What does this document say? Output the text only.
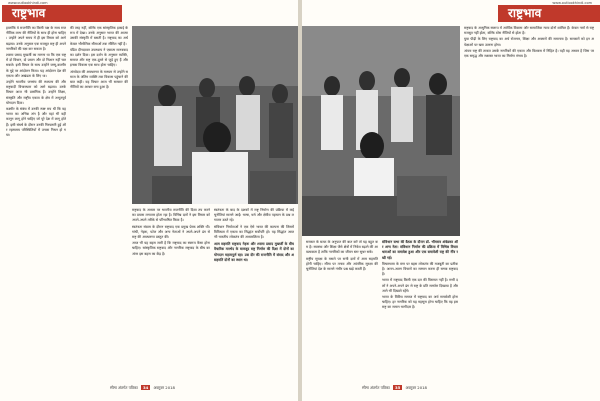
www.outlookhindi.com
राष्ट्रभाव

हालांकि वे राजनीति का किसी पक्ष के साथ राजनीतिक लाभ की नीतियों के साथ ही होना चाहिए। उन्होंने अपने समय में ही इस विचार को आगे बढ़ाया। उनके अनुसार एक मजबूत राष्ट्र ही अपने नागरिकों की रक्षा कर सकता है।

श्यामा प्रसाद मुखर्जी का मानना था कि एक राष्ट्र में दो विधान, दो प्रधान और दो निशान नहीं चल सकते। इसी विचार के साथ उन्होंने जम्मू-कश्मीर के मुद्दे पर आंदोलन किया। यह आंदोलन देश की एकता और अखंडता के लिए था।

उन्होंने भारतीय जनसंघ की स्थापना की और राष्ट्रवादी विचारधारा को आगे बढ़ाया। उनके विचार आज भी प्रासंगिक हैं। उन्होंने शिक्षा, संस्कृति और राष्ट्रीय एकता के क्षेत्र में अभूतपूर्व योगदान दिया।

कश्मीर के संबंध में उनकी स्पष्ट राय थी कि वह भारत का अभिन्न अंग है और वहां भी वही कानून लागू होने चाहिए जो पूरे देश में लागू होते हैं। इसी संघर्ष के दौरान उनकी गिरफ्तारी हुई और रहस्यमय परिस्थितियों में उनका निधन हो गया।

की तरह नहीं, बल्कि एक सांस्कृतिक इकाई के रूप में देखा। उनके अनुसार भारत की आत्मा उसकी संस्कृति में बसती है। राष्ट्रवाद का अर्थ केवल भौगोलिक सीमाओं तक सीमित नहीं है।

पंडित दीनदयाल उपाध्याय ने एकात्म मानववाद का दर्शन दिया। इस दर्शन के अनुसार व्यक्ति, समाज और राष्ट्र एक-दूसरे से जुड़े हुए हैं और इनका विकास एक साथ होना चाहिए।

अंत्योदय की अवधारणा के माध्यम से उन्होंने समाज के अंतिम व्यक्ति तक विकास पहुंचाने की बात कही। यह विचार आज भी सरकार की नीतियों का आधार बना हुआ है।

राष्ट्रवाद के आधार पर भारतीय राजनीति की दिशा तय करने का प्रयास लगातार होता रहा है। विभिन्न दलों ने इस विचार को अपने-अपने तरीके से परिभाषित किया है।

स्वतंत्रता संग्राम के दौरान राष्ट्रवाद एक प्रमुख प्रेरक शक्ति थी। गांधी, नेहरू, पटेल और अन्य नेताओं ने अपने-अपने ढंग से राष्ट्र की अवधारणा प्रस्तुत की।

आज भी यह बहस जारी है कि राष्ट्रवाद का स्वरूप कैसा होना चाहिए। सांस्कृतिक राष्ट्रवाद और नागरिक राष्ट्रवाद के बीच का अंतर इस बहस का केंद्र है।

स्वतंत्रता के बाद के दशकों में राष्ट्र निर्माण की प्रक्रिया में कई चुनौतियां सामने आईं। भाषा, धर्म और क्षेत्रीय पहचान के प्रश्न लगातार उठते रहे।

संविधान निर्माताओं ने एक ऐसे भारत की कल्पना की जिसमें विविधता में एकता का सिद्धांत सर्वोपरि हो। यह सिद्धांत आज भी भारतीय लोकतंत्र की आधारशिला है।

आम सहमति राष्ट्रवाद नेहरू और श्यामा प्रसाद मुखर्जी के बीच वैचारिक मतभेद के बावजूद राष्ट्र निर्माण की दिशा में दोनों का योगदान महत्वपूर्ण रहा। उस दौर की राजनीति में संवाद और असहमति दोनों का स्थान था।

सीमा अंतर्गत पत्रिका 34 अक्टूबर 2018
www.outlookhindi.com
राष्ट्रभाव

राष्ट्रवाद के आधुनिक स्वरूप में आर्थिक विकास और सामाजिक न्याय दोनों शामिल हैं। केवल नारों से राष्ट्र मजबूत नहीं होता, बल्कि ठोस नीतियों से होता है।

युवा पीढ़ी के लिए राष्ट्रवाद का अर्थ रोजगार, शिक्षा और अवसरों की समानता है। सरकारों को इन अपेक्षाओं पर खरा उतरना होगा।

अंततः राष्ट्र की ताकत उसके नागरिकों की एकता और विश्वास में निहित है। यही वह आधार है जिस पर एक समृद्ध और सशक्त भारत का निर्माण संभव है।

सरकार के बजट के अनुपात की बात करें तो यह बहुत कम है। स्वास्थ्य और शिक्षा जैसे क्षेत्रों में निवेश बढ़ाने की आवश्यकता है ताकि नागरिकों का जीवन स्तर सुधर सके।

राष्ट्रीय सुरक्षा के मसले पर सभी दलों में आम सहमति होनी चाहिए। सीमा पर तनाव और आंतरिक सुरक्षा की चुनौतियां देश के सामने गंभीर प्रश्न खड़े करती हैं।

संविधान सभा की बैठक के दौरान डॉ. भीमराव अंबेडकर और अन्य नेता। संविधान निर्माण की प्रक्रिया में विभिन्न विचारधाराओं का समावेश हुआ और एक समावेशी राष्ट्र की नींव रखी गई।

विचारधारा के स्तर पर बहस लोकतंत्र की मजबूती का प्रतीक है। अलग-अलग विचारों का सम्मान करना ही सच्चा राष्ट्रवाद है।

भारत में राष्ट्रवाद किसी एक दल की विरासत नहीं है। सभी दलों ने अपने-अपने ढंग से राष्ट्र के प्रति समर्पण दिखाया है और आगे भी दिखाते रहेंगे।

भारत के विविध समाज में राष्ट्रवाद का अर्थ समावेशी होना चाहिए। हर नागरिक को यह महसूस होना चाहिए कि वह इस राष्ट्र का समान भागीदार है।

सीमा अंतर्गत पत्रिका 35 अक्टूबर 2018
